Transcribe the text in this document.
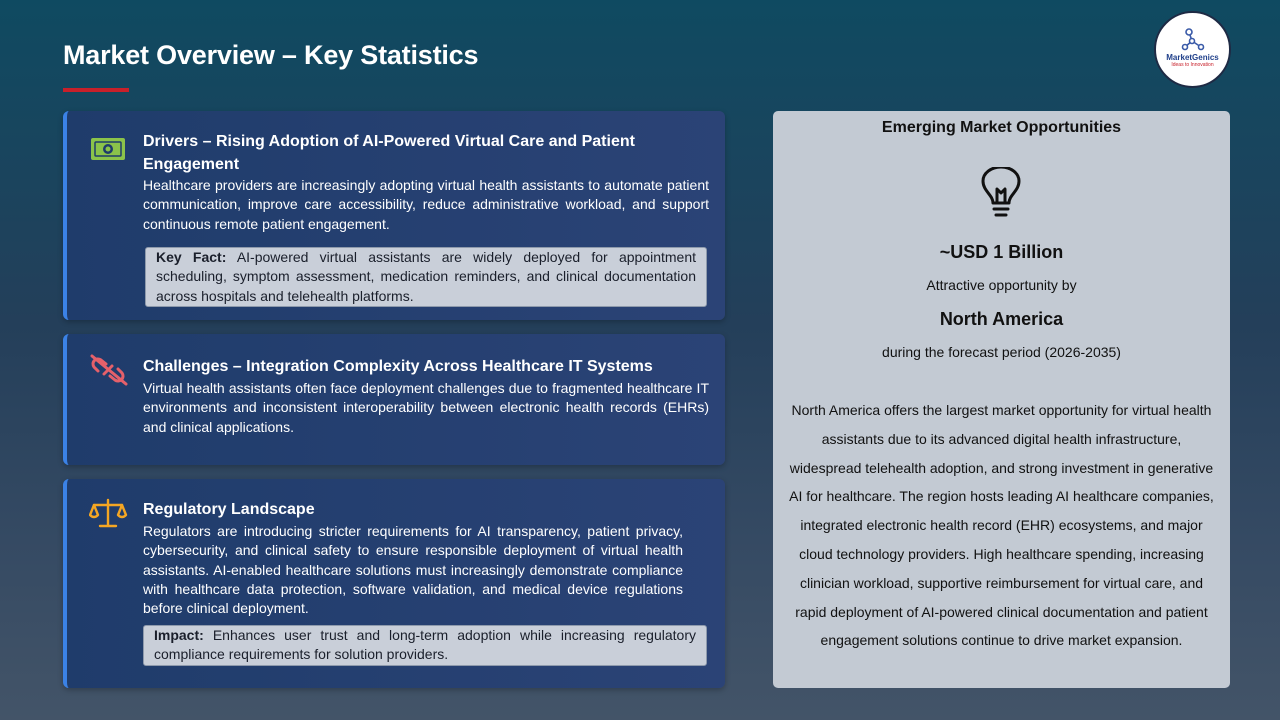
Market Overview – Key Statistics	MarketGenics
Ideas to Innovation
Drivers – Rising Adoption of AI-Powered Virtual Care and Patient
Engagement
Healthcare providers are increasingly adopting virtual health assistants to automate patient communication, improve care accessibility, reduce administrative workload, and support continuous remote patient engagement.
Key Fact: AI-powered virtual assistants are widely deployed for appointment scheduling, symptom assessment, medication reminders, and clinical documentation across hospitals and telehealth platforms.
Challenges – Integration Complexity Across Healthcare IT Systems
Virtual health assistants often face deployment challenges due to fragmented healthcare IT environments and inconsistent interoperability between electronic health records (EHRs) and clinical applications.
Regulatory Landscape
Regulators are introducing stricter requirements for AI transparency, patient privacy, cybersecurity, and clinical safety to ensure responsible deployment of virtual health assistants. AI-enabled healthcare solutions must increasingly demonstrate compliance with healthcare data protection, software validation, and medical device regulations before clinical deployment.
Impact: Enhances user trust and long-term adoption while increasing regulatory compliance requirements for solution providers.
Emerging Market Opportunities
~USD 1 Billion
Attractive opportunity by
North America
during the forecast period (2026-2035)
North America offers the largest market opportunity for virtual health assistants due to its advanced digital health infrastructure, widespread telehealth adoption, and strong investment in generative AI for healthcare. The region hosts leading AI healthcare companies, integrated electronic health record (EHR) ecosystems, and major cloud technology providers. High healthcare spending, increasing clinician workload, supportive reimbursement for virtual care, and rapid deployment of AI-powered clinical documentation and patient engagement solutions continue to drive market expansion.
